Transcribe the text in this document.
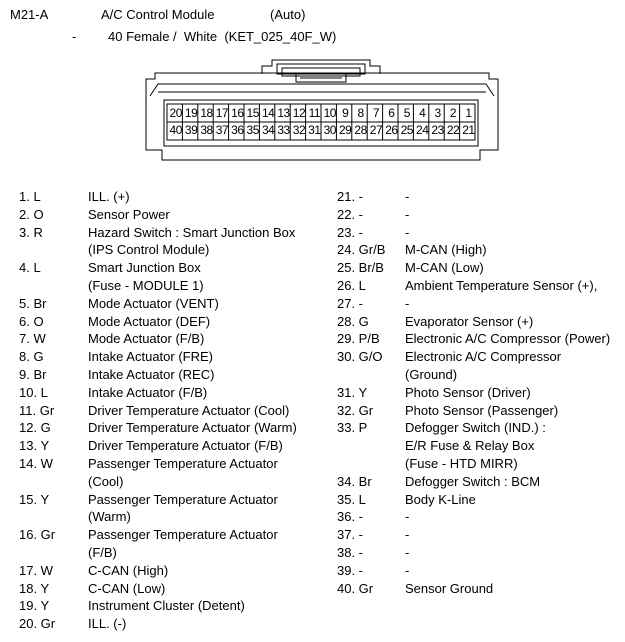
M21-A	A/C Control Module	(Auto)
- 40 Female /  White  (KET_025_40F_W)
20 19 18 17 16 15 14 13 12 11 10 9 8 7 6 5 4 3 2 1
40 39 38 37 36 35 34 33 32 31 30 29 28 27 26 25 24 23 22 21
1. L	ILL. (+)
2. O	Sensor Power
3. R	Hazard Switch : Smart Junction Box
(IPS Control Module)
4. L	Smart Junction Box
(Fuse - MODULE 1)
5. Br	Mode Actuator (VENT)
6. O	Mode Actuator (DEF)
7. W	Mode Actuator (F/B)
8. G	Intake Actuator (FRE)
9. Br	Intake Actuator (REC)
10. L	Intake Actuator (F/B)
11. Gr	Driver Temperature Actuator (Cool)
12. G	Driver Temperature Actuator (Warm)
13. Y	Driver Temperature Actuator (F/B)
14. W	Passenger Temperature Actuator
(Cool)
15. Y	Passenger Temperature Actuator
(Warm)
16. Gr	Passenger Temperature Actuator
(F/B)
17. W	C-CAN (High)
18. Y	C-CAN (Low)
19. Y	Instrument Cluster (Detent)
20. Gr	ILL. (-)
21. -	-
22. -	-
23. -	-
24. Gr/B M-CAN (High)
25. Br/B M-CAN (Low)
26. L	Ambient Temperature Sensor (+),
27. -	-
28. G	Evaporator Sensor (+)
29. P/B Electronic A/C Compressor (Power)
30. G/O Electronic A/C Compressor
(Ground)
31. Y	Photo Sensor (Driver)
32. Gr Photo Sensor (Passenger)
33. P	Defogger Switch (IND.) :
E/R Fuse & Relay Box
(Fuse - HTD MIRR)
34. Br	Defogger Switch : BCM
35. L	Body K-Line
36. -	-
37. -	-
38. -	-
39. -	-
40. Gr Sensor Ground
